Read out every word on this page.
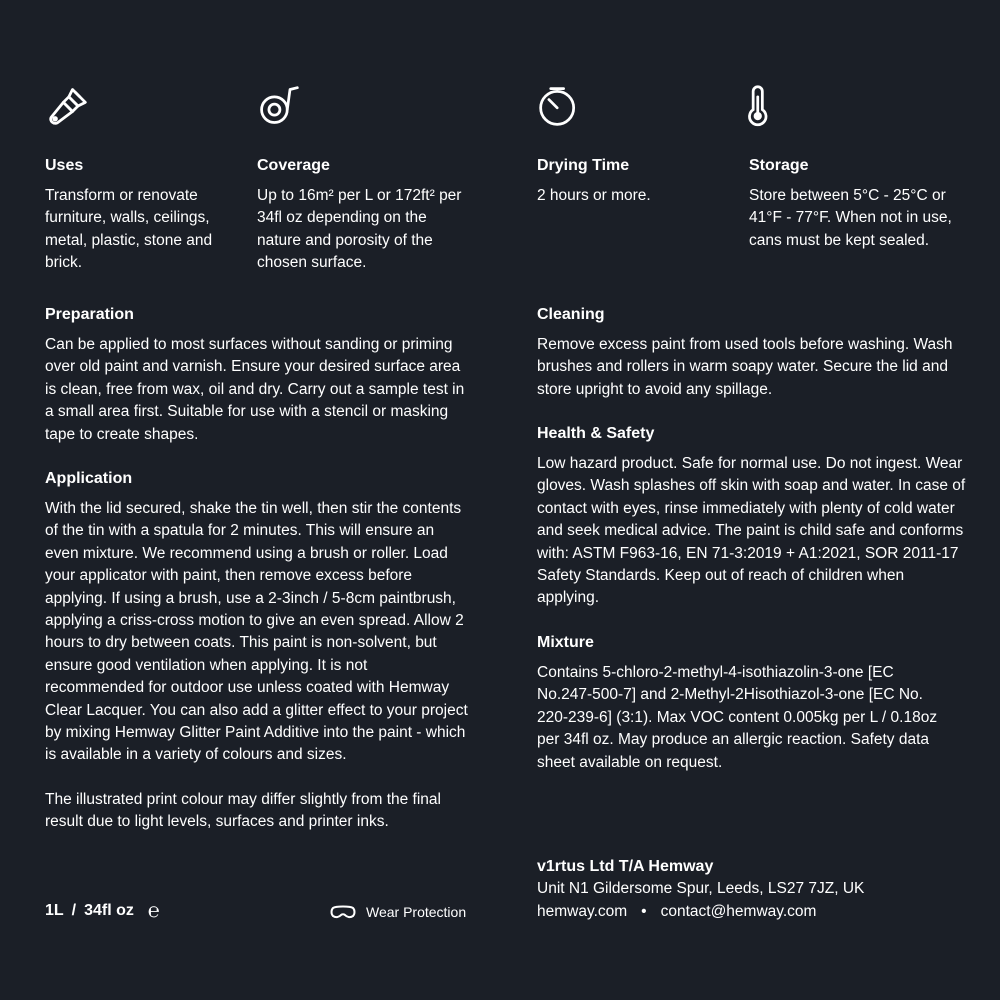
Uses

Transform or renovate furniture, walls, ceilings, metal, plastic, stone and brick.

Coverage

Up to 16m² per L or 172ft² per 34fl oz depending on the nature and porosity of the chosen surface.

Drying Time

2 hours or more.

Storage

Store between 5°C - 25°C or 41°F - 77°F. When not in use, cans must be kept sealed.

Preparation

Can be applied to most surfaces without sanding or priming over old paint and varnish. Ensure your desired surface area is clean, free from wax, oil and dry. Carry out a sample test in a small area first. Suitable for use with a stencil or masking tape to create shapes.

Application

With the lid secured, shake the tin well, then stir the contents of the tin with a spatula for 2 minutes. This will ensure an even mixture. We recommend using a brush or roller. Load your applicator with paint, then remove excess before applying. If using a brush, use a 2-3inch / 5-8cm paintbrush, applying a criss-cross motion to give an even spread. Allow 2 hours to dry between coats. This paint is non-solvent, but ensure good ventilation when applying. It is not recommended for outdoor use unless coated with Hemway Clear Lacquer. You can also add a glitter effect to your project by mixing Hemway Glitter Paint Additive into the paint - which is available in a variety of colours and sizes.

The illustrated print colour may differ slightly from the final result due to light levels, surfaces and printer inks.

Cleaning

Remove excess paint from used tools before washing. Wash brushes and rollers in warm soapy water. Secure the lid and store upright to avoid any spillage.

Health & Safety

Low hazard product. Safe for normal use. Do not ingest. Wear gloves. Wash splashes off skin with soap and water. In case of contact with eyes, rinse immediately with plenty of cold water and seek medical advice. The paint is child safe and conforms with: ASTM F963-16, EN 71-3:2019 + A1:2021, SOR 2011-17 Safety Standards. Keep out of reach of children when applying.

Mixture

Contains 5-chloro-2-methyl-4-isothiazolin-3-one [EC No.247-500-7] and 2-Methyl-2Hisothiazol-3-one [EC No. 220-239-6] (3:1). Max VOC content 0.005kg per L / 0.18oz per 34fl oz. May produce an allergic reaction. Safety data sheet available on request.

1L / 34fl oz ℮	Wear Protection

v1rtus Ltd T/A Hemway

Unit N1 Gildersome Spur, Leeds, LS27 7JZ, UK

hemway.com • contact@hemway.com
